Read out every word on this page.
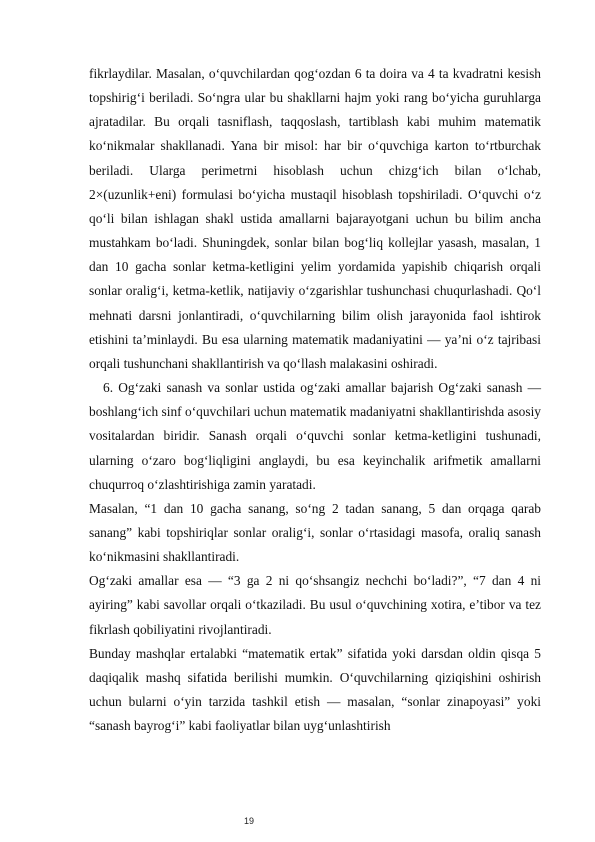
fikrlaydilar. Masalan, o‘quvchilardan qog‘ozdan 6 ta doira va 4 ta kvadratni kesish topshirig‘i beriladi. So‘ngra ular bu shakllarni hajm yoki rang bo‘yicha guruhlarga ajratadilar. Bu orqali tasniflash, taqqoslash, tartiblash kabi muhim matematik ko‘nikmalar shakllanadi. Yana bir misol: har bir o‘quvchiga karton to‘rtburchak beriladi. Ularga perimetrni hisoblash uchun chizg‘ich bilan o‘lchab, 2×(uzunlik+eni) formulasi bo‘yicha mustaqil hisoblash topshiriladi. O‘quvchi o‘z qo‘li bilan ishlagan shakl ustida amallarni bajarayotgani uchun bu bilim ancha mustahkam bo‘ladi. Shuningdek, sonlar bilan bog‘liq kollejlar yasash, masalan, 1 dan 10 gacha sonlar ketma-ketligini yelim yordamida yapishib chiqarish orqali sonlar oralig‘i, ketma-ketlik, natijaviy o‘zgarishlar tushunchasi chuqurlashadi. Qo‘l mehnati darsni jonlantiradi, o‘quvchilarning bilim olish jarayonida faol ishtirok etishini ta’minlaydi. Bu esa ularning matematik madaniyatini — ya’ni o‘z tajribasi orqali tushunchani shakllantirish va qo‘llash malakasini oshiradi.

6. Og‘zaki sanash va sonlar ustida og‘zaki amallar bajarish Og‘zaki sanash — boshlang‘ich sinf o‘quvchilari uchun matematik madaniyatni shakllantirishda asosiy vositalardan biridir. Sanash orqali o‘quvchi sonlar ketma-ketligini tushunadi, ularning o‘zaro bog‘liqligini anglaydi, bu esa keyinchalik arifmetik amallarni chuqurroq o‘zlashtirishiga zamin yaratadi.

Masalan, “1 dan 10 gacha sanang, so‘ng 2 tadan sanang, 5 dan orqaga qarab sanang” kabi topshiriqlar sonlar oralig‘i, sonlar o‘rtasidagi masofa, oraliq sanash ko‘nikmasini shakllantiradi.

Og‘zaki amallar esa — “3 ga 2 ni qo‘shsangiz nechchi bo‘ladi?”, “7 dan 4 ni ayiring” kabi savollar orqali o‘tkaziladi. Bu usul o‘quvchining xotira, e’tibor va tez fikrlash qobiliyatini rivojlantiradi.

Bunday mashqlar ertalabki “matematik ertak” sifatida yoki darsdan oldin qisqa 5 daqiqalik mashq sifatida berilishi mumkin. O‘quvchilarning qiziqishini oshirish uchun bularni o‘yin tarzida tashkil etish — masalan, “sonlar zinapoyasi” yoki “sanash bayrog‘i” kabi faoliyatlar bilan uyg‘unlashtirish

19
